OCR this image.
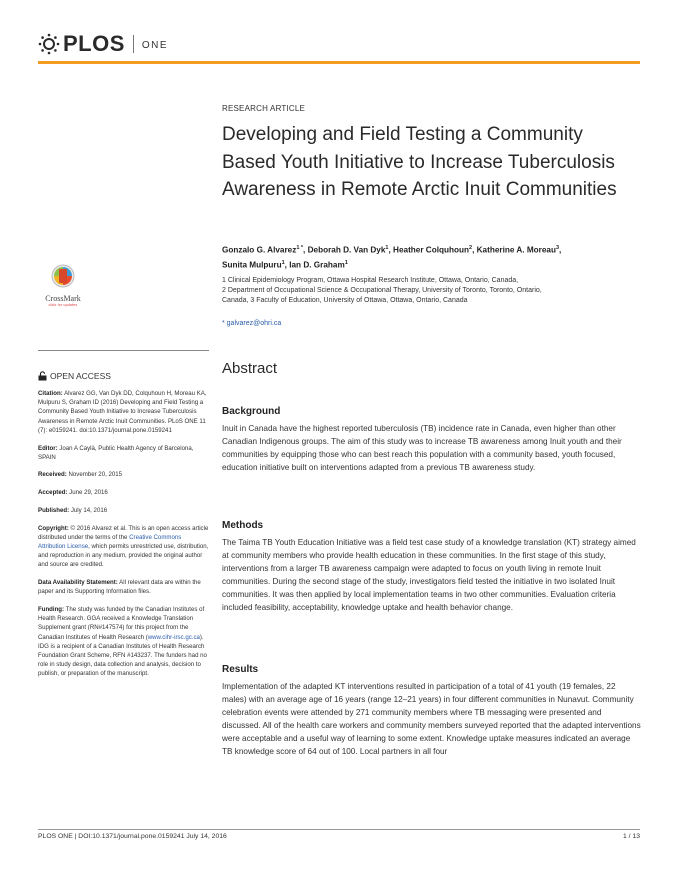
PLOS ONE
RESEARCH ARTICLE
Developing and Field Testing a Community Based Youth Initiative to Increase Tuberculosis Awareness in Remote Arctic Inuit Communities
Gonzalo G. Alvarez$^{1 *}$, Deborah D. Van Dyk$^1$, Heather Colquhoun$^2$, Katherine A. Moreau$^3$,
Sunita Mulpuru$^1$, Ian D. Graham$^1$
1 Clinical Epidemiology Program, Ottawa Hospital Research Institute, Ottawa, Ontario, Canada,
2 Department of Occupational Science & Occupational Therapy, University of Toronto, Toronto, Ontario,
Canada, 3 Faculty of Education, University of Ottawa, Ottawa, Ontario, Canada
* galvarez@ohri.ca
CrossMark
click for updates
OPEN ACCESS

Citation: Alvarez GG, Van Dyk DD, Colquhoun H, Moreau KA, Mulpuru S, Graham ID (2016) Developing and Field Testing a Community Based Youth Initiative to Increase Tuberculosis Awareness in Remote Arctic Inuit Communities. PLoS ONE 11 (7): e0159241. doi:10.1371/journal.pone.0159241

Editor: Joan A Caylà, Public Health Agency of Barcelona, SPAIN

Received: November 20, 2015

Accepted: June 29, 2016

Published: July 14, 2016

Copyright: © 2016 Alvarez et al. This is an open access article distributed under the terms of the Creative Commons Attribution License, which permits unrestricted use, distribution, and reproduction in any medium, provided the original author and source are credited.

Data Availability Statement: All relevant data are within the paper and its Supporting Information files.

Funding: The study was funded by the Canadian Institutes of Health Research. GGA received a Knowledge Translation Supplement grant (RN#147574) for this project from the Canadian Institutes of Health Research (www.cihr-irsc.gc.ca). IDG is a recipient of a Canadian Institutes of Health Research Foundation Grant Scheme, RFN #143237. The funders had no role in study design, data collection and analysis, decision to publish, or preparation of the manuscript.

Abstract
Background
Inuit in Canada have the highest reported tuberculosis (TB) incidence rate in Canada, even higher than other Canadian Indigenous groups. The aim of this study was to increase TB awareness among Inuit youth and their communities by equipping those who can best reach this population with a community based, youth focused, education initiative built on interventions adapted from a previous TB awareness study.
Methods
The Taima TB Youth Education Initiative was a field test case study of a knowledge translation (KT) strategy aimed at community members who provide health education in these communities. In the first stage of this study, interventions from a larger TB awareness campaign were adapted to focus on youth living in remote Inuit communities. During the second stage of the study, investigators field tested the initiative in two isolated Inuit communities. It was then applied by local implementation teams in two other communities. Evaluation criteria included feasibility, acceptability, knowledge uptake and health behavior change.
Results
Implementation of the adapted KT interventions resulted in participation of a total of 41 youth (19 females, 22 males) with an average age of 16 years (range 12–21 years) in four different communities in Nunavut. Community celebration events were attended by 271 community members where TB messaging were presented and discussed. All of the health care workers and community members surveyed reported that the adapted interventions were acceptable and a useful way of learning to some extent. Knowledge uptake measures indicated an average TB knowledge score of 64 out of 100. Local partners in all four
PLOS ONE | DOI:10.1371/journal.pone.0159241 July 14, 2016	1 / 13
